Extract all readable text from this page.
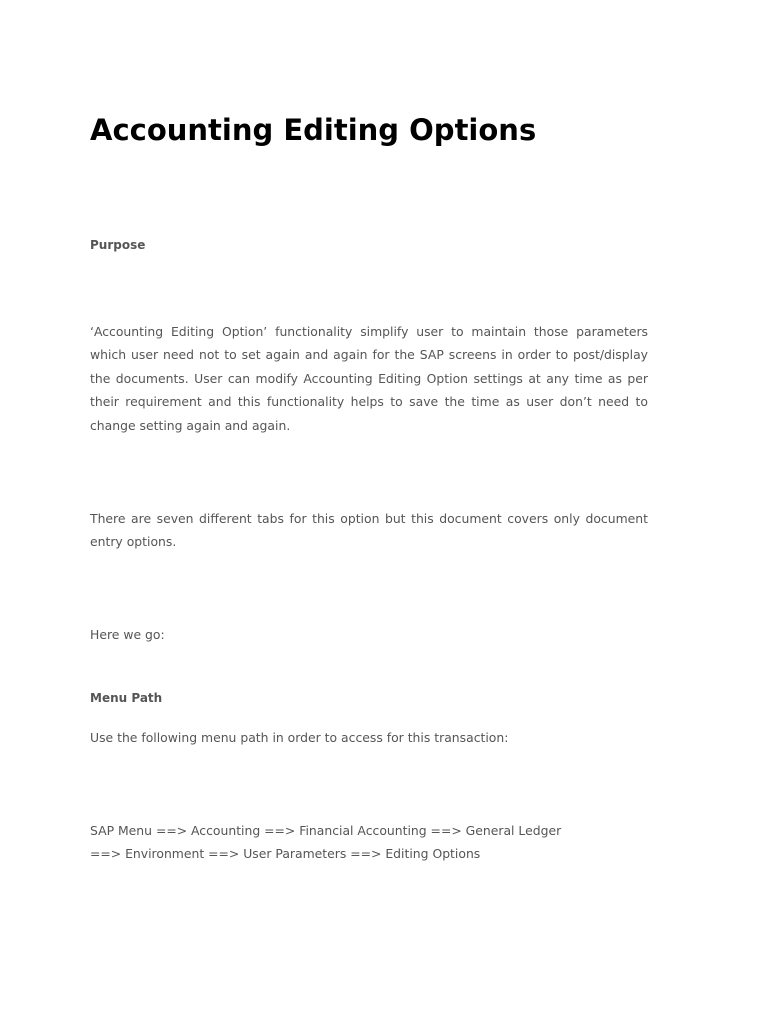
Accounting Editing Options
Purpose

‘Accounting Editing Option’ functionality simplify user to maintain those parameters
which user need not to set again and again for the SAP screens in order to post/display
the documents. User can modify Accounting Editing Option settings at any time as per
their requirement and this functionality helps to save the time as user don’t need to
change setting again and again.

There are seven different tabs for this option but this document covers only document
entry options.

Here we go:

Menu Path

Use the following menu path in order to access for this transaction:

SAP Menu ==> Accounting ==> Financial Accounting ==> General Ledger
==> Environment ==> User Parameters ==> Editing Options
